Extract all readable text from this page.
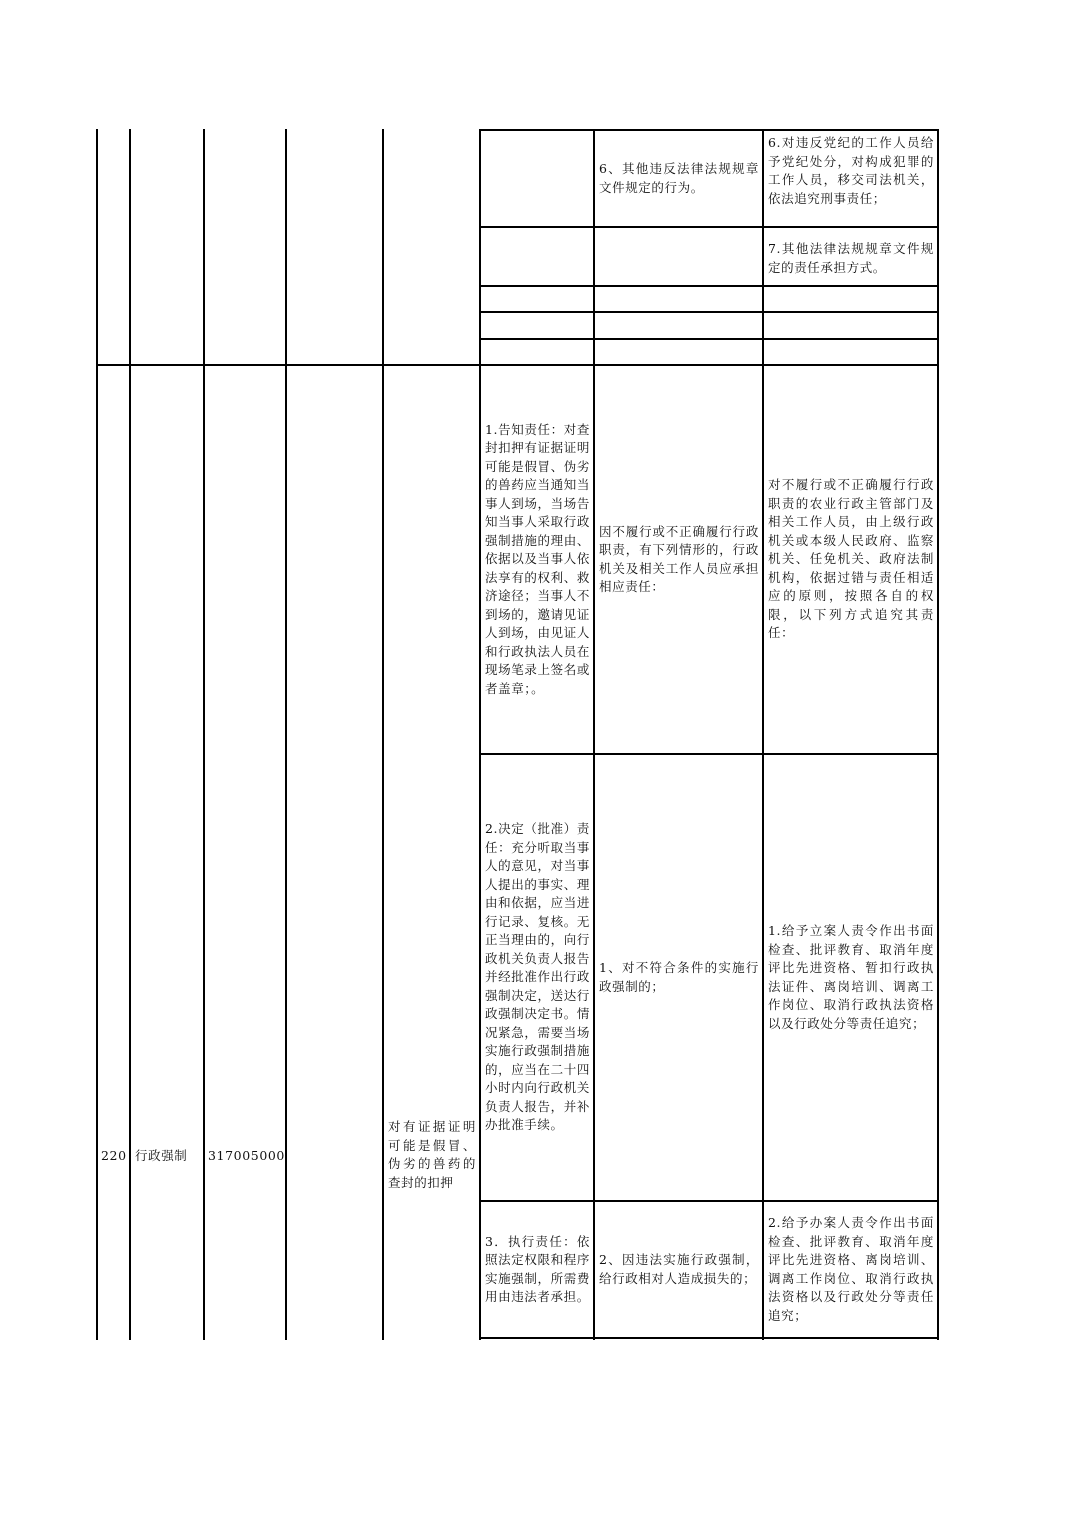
6、其他违反法律法规规章文件规定的行为。
6.对违反党纪的工作人员给予党纪处分，对构成犯罪的工作人员，移交司法机关，依法追究刑事责任；
7.其他法律法规规章文件规定的责任承担方式。
220 行政强制	317005000
对有证据证明可能是假冒、伪劣的兽药的查封的扣押
1.告知责任：对查封扣押有证据证明可能是假冒、伪劣的兽药应当通知当事人到场，当场告知当事人采取行政强制措施的理由、依据以及当事人依法享有的权利、救济途径；当事人不到场的，邀请见证人到场，由见证人和行政执法人员在现场笔录上签名或者盖章；。
因不履行或不正确履行行政职责，有下列情形的，行政机关及相关工作人员应承担相应责任：
对不履行或不正确履行行政职责的农业行政主管部门及相关工作人员，由上级行政机关或本级人民政府、监察机关、任免机关、政府法制机构，依据过错与责任相适应的原则，按照各自的权限，以下列方式追究其责任：
2.决定（批准）责任：充分听取当事人的意见，对当事人提出的事实、理由和依据，应当进行记录、复核。无正当理由的，向行政机关负责人报告并经批准作出行政强制决定，送达行政强制决定书。情况紧急，需要当场实施行政强制措施的，应当在二十四小时内向行政机关负责人报告，并补办批准手续。
1、对不符合条件的实施行政强制的；
1.给予立案人责令作出书面检查、批评教育、取消年度评比先进资格、暂扣行政执法证件、离岗培训、调离工作岗位、取消行政执法资格以及行政处分等责任追究；
3．执行责任：依照法定权限和程序实施强制，所需费用由违法者承担。
2、因违法实施行政强制，给行政相对人造成损失的；
2.给予办案人责令作出书面检查、批评教育、取消年度评比先进资格、离岗培训、调离工作岗位、取消行政执法资格以及行政处分等责任追究；
